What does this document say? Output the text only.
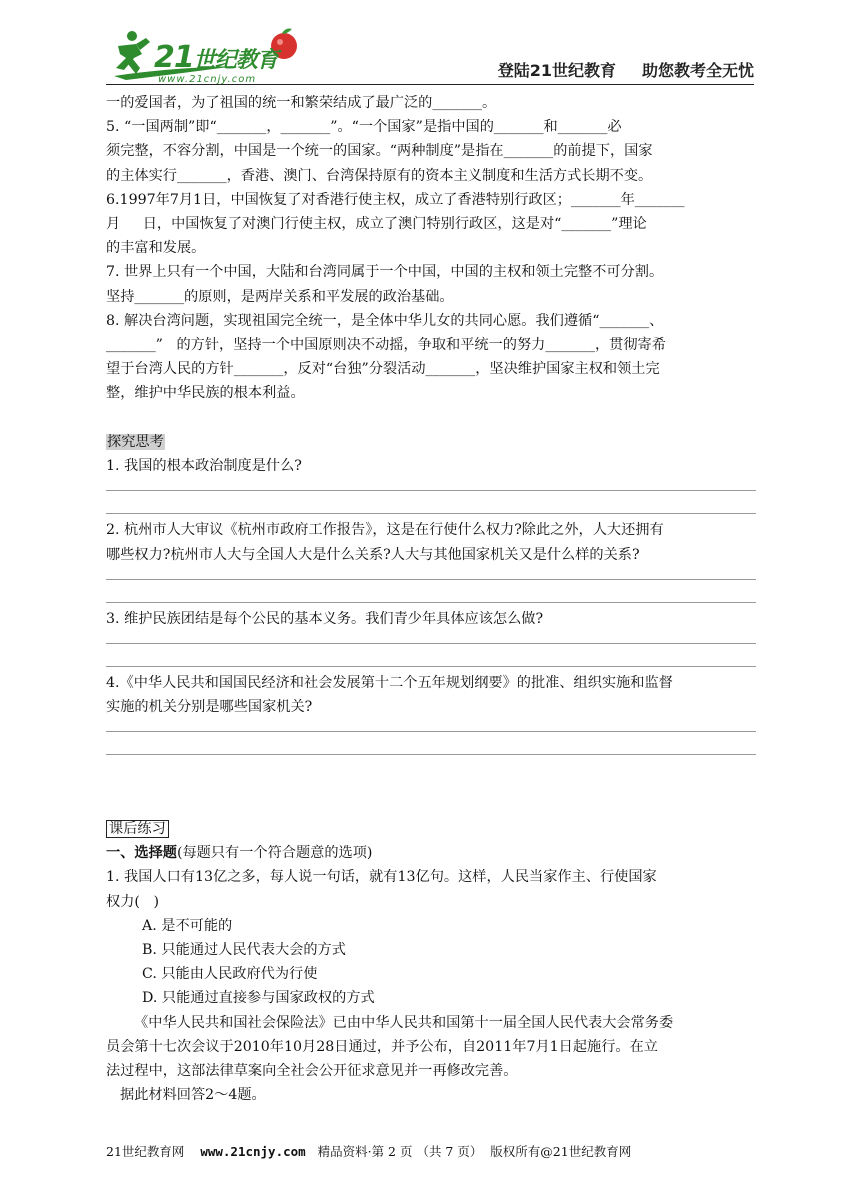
21世纪教育
www.21cnjy.com	登陆21世纪教育 助您教考全无忧

一的爱国者，为了祖国的统一和繁荣结成了最广泛的_______。

5. “一国两制”即“_______，_______”。“一个国家”是指中国的_______和_______必

须完整，不容分割，中国是一个统一的国家。“两种制度”是指在_______的前提下，国家

的主体实行_______，香港、澳门、台湾保持原有的资本主义制度和生活方式长期不变。

6.1997年7月1日，中国恢复了对香港行使主权，成立了香港特别行政区；_______年_______

月     日，中国恢复了对澳门行使主权，成立了澳门特别行政区，这是对“_______”理论

的丰富和发展。

7. 世界上只有一个中国，大陆和台湾同属于一个中国，中国的主权和领土完整不可分割。

坚持_______的原则，是两岸关系和平发展的政治基础。

8. 解决台湾问题，实现祖国完全统一，是全体中华儿女的共同心愿。我们遵循“_______、

_______”   的方针，坚持一个中国原则决不动摇，争取和平统一的努力_______，贯彻寄希

望于台湾人民的方针_______，反对“台独”分裂活动_______，坚决维护国家主权和领土完

整，维护中华民族的根本利益。

探究思考

1. 我国的根本政治制度是什么?

2. 杭州市人大审议《杭州市政府工作报告》，这是在行使什么权力?除此之外，人大还拥有

哪些权力?杭州市人大与全国人大是什么关系?人大与其他国家机关又是什么样的关系?

3. 维护民族团结是每个公民的基本义务。我们青少年具体应该怎么做?

4.《中华人民共和国国民经济和社会发展第十二个五年规划纲要》的批准、组织实施和监督

实施的机关分别是哪些国家机关?

课后练习

一、选择题(每题只有一个符合题意的选项)

1. 我国人口有13亿之多，每人说一句话，就有13亿句。这样，人民当家作主、行使国家

权力(   )

A. 是不可能的

B. 只能通过人民代表大会的方式

C. 只能由人民政府代为行使

D. 只能通过直接参与国家政权的方式

《中华人民共和国社会保险法》已由中华人民共和国第十一届全国人民代表大会常务委

员会第十七次会议于2010年10月28日通过，并予公布，自2011年7月1日起施行。在立

法过程中，这部法律草案向全社会公开征求意见并一再修改完善。

据此材料回答2～4题。

21世纪教育网 www.21cnjy.com 精品资料·第 2 页 （共 7 页） 版权所有@21世纪教育网
